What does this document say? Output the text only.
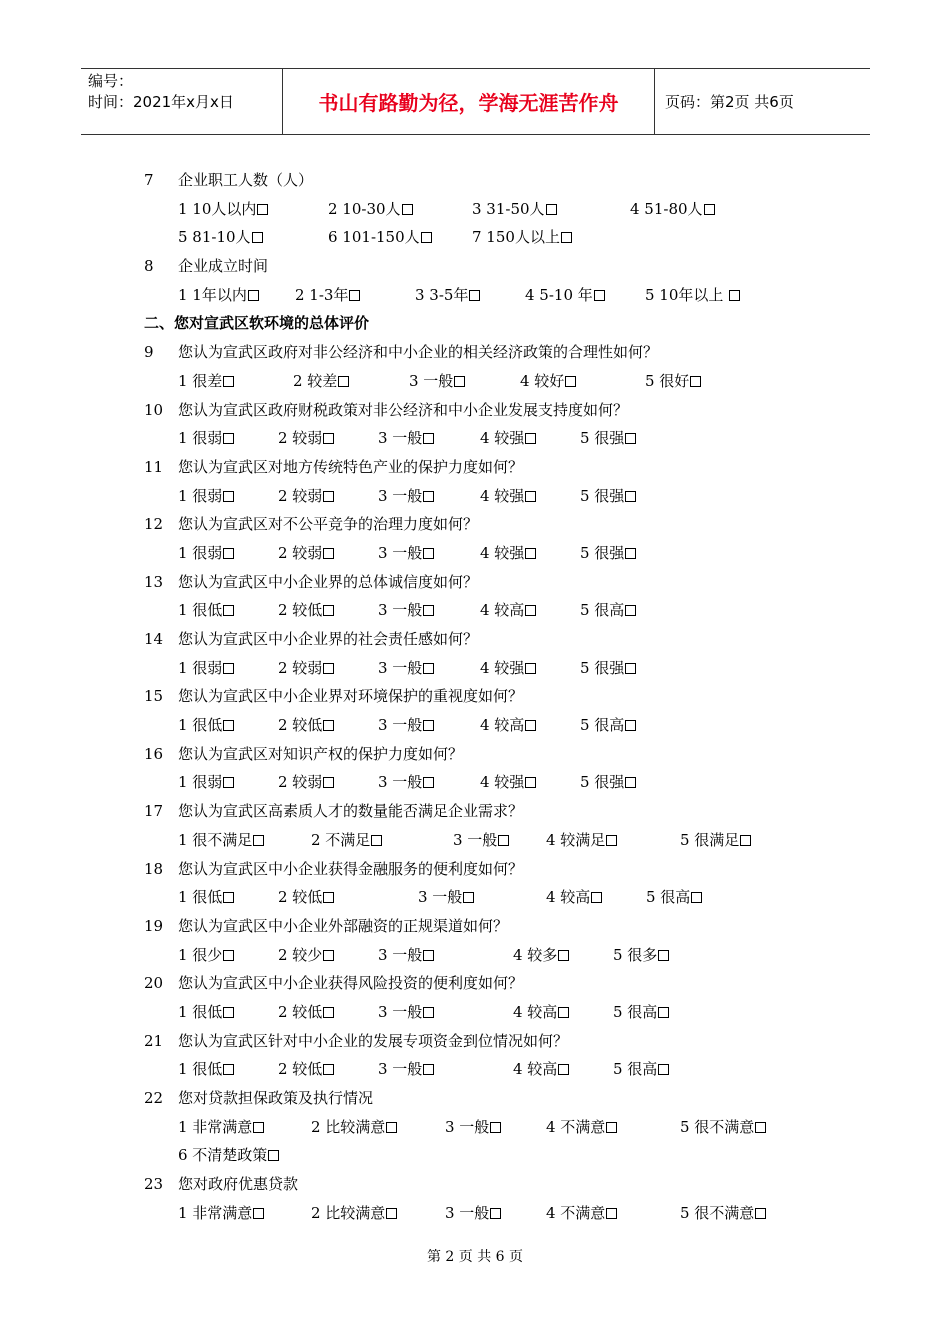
编号：
时间：2021年x月x日	书山有路勤为径，学海无涯苦作舟	页码：第2页 共6页
7 企业职工人数（人）
1 10人以内	2 10-30人	3 31-50人	4 51-80人
5 81-10人	6 101-150人	7 150人以上
8 企业成立时间
1 1年以内	2 1-3年	3 3-5年	4 5-10 年	5 10年以上
二、您对宣武区软环境的总体评价
9 您认为宣武区政府对非公经济和中小企业的相关经济政策的合理性如何？
1 很差	2 较差	3 一般	4 较好	5 很好
10 您认为宣武区政府财税政策对非公经济和中小企业发展支持度如何？
1 很弱	2 较弱	3 一般	4 较强	5 很强
11 您认为宣武区对地方传统特色产业的保护力度如何？
1 很弱	2 较弱	3 一般	4 较强	5 很强
12 您认为宣武区对不公平竞争的治理力度如何？
1 很弱	2 较弱	3 一般	4 较强	5 很强
13 您认为宣武区中小企业界的总体诚信度如何？
1 很低	2 较低	3 一般	4 较高	5 很高
14 您认为宣武区中小企业界的社会责任感如何？
1 很弱	2 较弱	3 一般	4 较强	5 很强
15 您认为宣武区中小企业界对环境保护的重视度如何？
1 很低	2 较低	3 一般	4 较高	5 很高
16 您认为宣武区对知识产权的保护力度如何？
1 很弱	2 较弱	3 一般	4 较强	5 很强
17 您认为宣武区高素质人才的数量能否满足企业需求？
1 很不满足	2 不满足	3 一般	4 较满足	5 很满足
18 您认为宣武区中小企业获得金融服务的便利度如何？
1 很低	2 较低	3 一般	4 较高	5 很高
19 您认为宣武区中小企业外部融资的正规渠道如何？
1 很少	2 较少	3 一般	4 较多	5 很多
20 您认为宣武区中小企业获得风险投资的便利度如何？
1 很低	2 较低	3 一般	4 较高	5 很高
21 您认为宣武区针对中小企业的发展专项资金到位情况如何？
1 很低	2 较低	3 一般	4 较高	5 很高
22 您对贷款担保政策及执行情况
1 非常满意	2 比较满意	3 一般	4 不满意	5 很不满意
6 不清楚政策
23 您对政府优惠贷款
1 非常满意	2 比较满意	3 一般	4 不满意	5 很不满意
第 2 页 共 6 页
